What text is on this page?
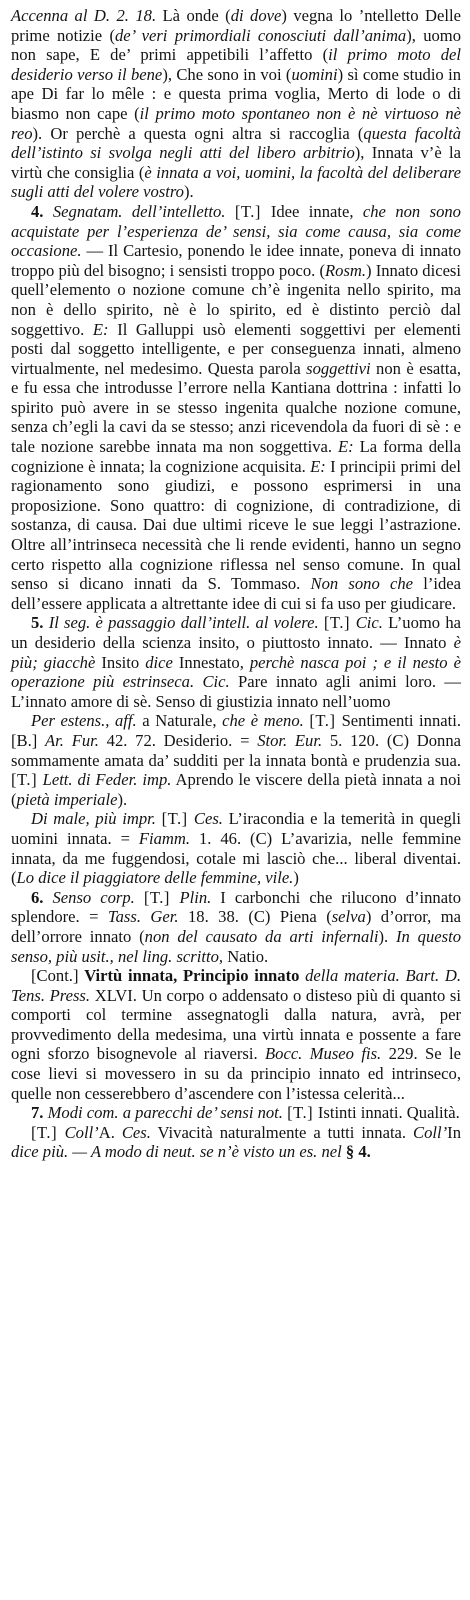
Accenna al D. 2. 18. Là onde (di dove) vegna lo ’ntelletto Delle prime notizie (de’ veri primordiali conosciuti dall’anima), uomo non sape, E de’ primi appetibili l’affetto (il primo moto del desiderio verso il bene), Che sono in voi (uomini) sì come studio in ape Di far lo mêle : e questa prima voglia, Merto di lode o di biasmo non cape (il primo moto spontaneo non è nè virtuoso nè reo). Or perchè a questa ogni altra si raccoglia (questa facoltà dell’istinto si svolga negli atti del libero arbitrio), Innata v’è la virtù che consiglia (è innata a voi, uomini, la facoltà del deliberare sugli atti del volere vostro).

4. Segnatam. dell’intelletto. [T.] Idee innate, che non sono acquistate per l’esperienza de’ sensi, sia come causa, sia come occasione. — Il Cartesio, ponendo le idee innate, poneva di innato troppo più del bisogno; i sensisti troppo poco. (Rosm.) Innato dicesi quell’elemento o nozione comune ch’è ingenita nello spirito, ma non è dello spirito, nè è lo spirito, ed è distinto perciò dal soggettivo. E: Il Galluppi usò elementi soggettivi per elementi posti dal soggetto intelligente, e per conseguenza innati, almeno virtualmente, nel medesimo. Questa parola soggettivi non è esatta, e fu essa che introdusse l’errore nella Kantiana dottrina : infatti lo spirito può avere in se stesso ingenita qualche nozione comune, senza ch’egli la cavi da se stesso; anzi ricevendola da fuori di sè : e tale nozione sarebbe innata ma non soggettiva. E: La forma della cognizione è innata; la cognizione acquisita. E: I principii primi del ragionamento sono giudizi, e possono esprimersi in una proposizione. Sono quattro: di cognizione, di contradizione, di sostanza, di causa. Dai due ultimi riceve le sue leggi l’astrazione. Oltre all’intrinseca necessità che li rende evidenti, hanno un segno certo rispetto alla cognizione riflessa nel senso comune. In qual senso si dicano innati da S. Tommaso. Non sono che l’idea dell’essere applicata a altrettante idee di cui si fa uso per giudicare.

5. Il seg. è passaggio dall’intell. al volere. [T.] Cic. L’uomo ha un desiderio della scienza insito, o piuttosto innato. — Innato è più; giacchè Insito dice Innestato, perchè nasca poi ; e il nesto è operazione più estrinseca. Cic. Pare innato agli animi loro. — L’innato amore di sè. Senso di giustizia innato nell’uomo

Per estens., aff. a Naturale, che è meno. [T.] Sentimenti innati. [B.] Ar. Fur. 42. 72. Desiderio. = Stor. Eur. 5. 120. (C) Donna sommamente amata da’ sudditi per la innata bontà e prudenzia sua. [T.] Lett. di Feder. imp. Aprendo le viscere della pietà innata a noi (pietà imperiale).

Di male, più impr. [T.] Ces. L’iracondia e la temerità in quegli uomini innata. = Fiamm. 1. 46. (C) L’avarizia, nelle femmine innata, da me fuggendosi, cotale mi lasciò che... liberal diventai. (Lo dice il piaggiatore delle femmine, vile.)

6. Senso corp. [T.] Plin. I carbonchi che rilucono d’innato splendore. = Tass. Ger. 18. 38. (C) Piena (selva) d’orror, ma dell’orrore innato (non del causato da arti infernali). In questo senso, più usit., nel ling. scritto, Natio.

[Cont.] Virtù innata, Principio innato della materia. Bart. D. Tens. Press. XLVI. Un corpo o addensato o disteso più di quanto si comporti col termine assegnatogli dalla natura, avrà, per provvedimento della medesima, una virtù innata e possente a fare ogni sforzo bisognevole al riaversi. Bocc. Museo fis. 229. Se le cose lievi si movessero in su da principio innato ed intrinseco, quelle non cesserebbero d’ascendere con l’istessa celerità...

7. Modi com. a parecchi de’ sensi not. [T.] Istinti innati. Qualità.

[T.] Coll’A. Ces. Vivacità naturalmente a tutti innata. Coll’In dice più. — A modo di neut. se n’è visto un es. nel § 4.
